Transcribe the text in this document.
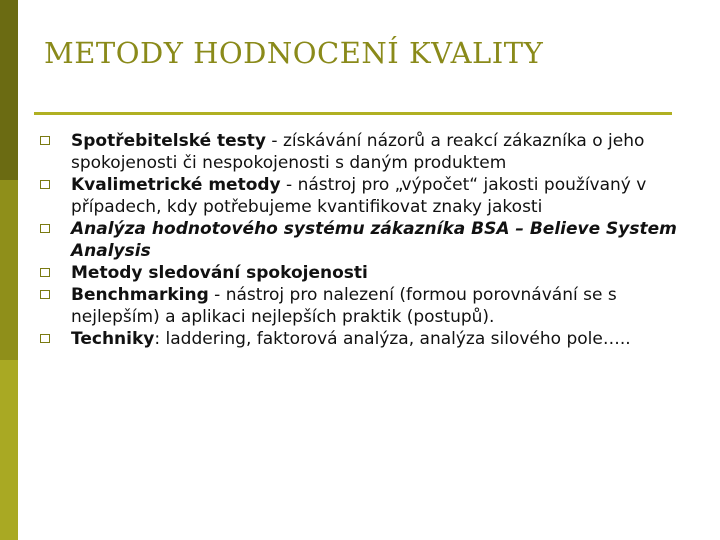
METODY HODNOCENÍ KVALITY
Spotřebitelské testy - získávání názorů a reakcí zákazníka o jeho spokojenosti či nespokojenosti s daným produktem
Kvalimetrické metody - nástroj pro „výpočet“ jakosti používaný v případech, kdy potřebujeme kvantifikovat znaky jakosti
Analýza hodnotového systému zákazníka BSA – Believe System Analysis
Metody sledování spokojenosti
Benchmarking - nástroj pro nalezení (formou porovnávání se s nejlepším) a aplikaci nejlepších praktik (postupů).
Techniky: laddering, faktorová analýza, analýza silového pole…..
